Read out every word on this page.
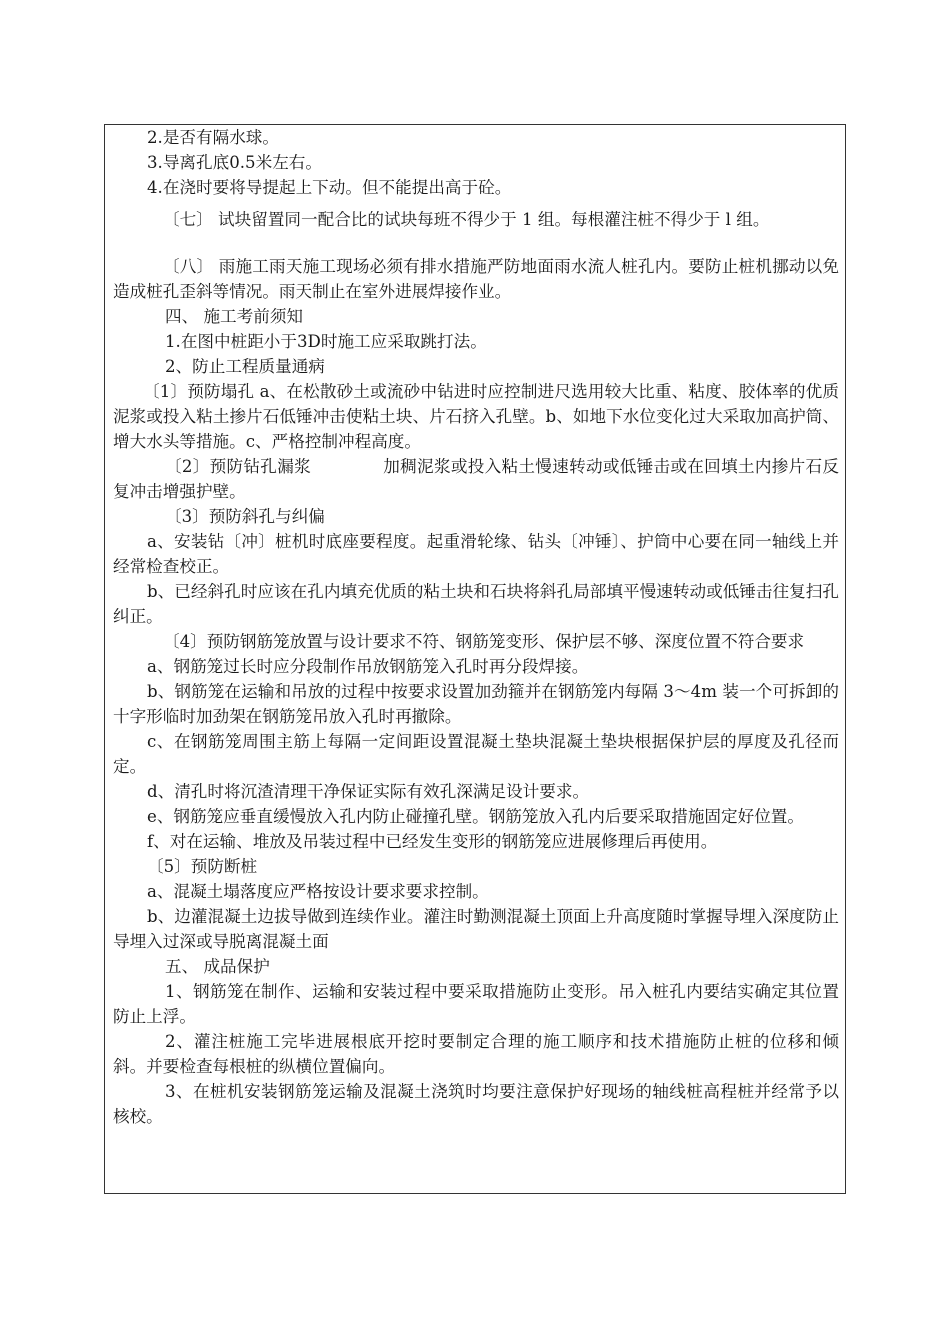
2.是否有隔水球。

3.导离孔底0.5米左右。

4.在浇时要将导提起上下动。但不能提出高于砼。

〔七〕 试块留置同一配合比的试块每班不得少于 1 组。每根灌注桩不得少于 l 组。

〔八〕 雨施工雨天施工现场必须有排水措施严防地面雨水流人桩孔内。要防止桩机挪动以免造成桩孔歪斜等情况。雨天制止在室外进展焊接作业。

四、 施工考前须知

1.在图中桩距小于3D时施工应采取跳打法。

2、防止工程质量通病

〔1〕预防塌孔 a、在松散砂土或流砂中钻进时应控制进尺选用较大比重、粘度、胶体率的优质泥浆或投入粘土掺片石低锤冲击使粘土块、片石挤入孔壁。b、如地下水位变化过大采取加高护筒、增大水头等措施。c、严格控制冲程高度。

〔2〕预防钻孔漏浆	加稠泥浆或投入粘土慢速转动或低锤击或在回填土内掺片石反复冲击增强护壁。

〔3〕预防斜孔与纠偏

a、安装钻〔冲〕桩机时底座要程度。起重滑轮缘、钻头〔冲锤〕、护筒中心要在同一轴线上并经常检查校正。

b、已经斜孔时应该在孔内填充优质的粘土块和石块将斜孔局部填平慢速转动或低锤击往复扫孔纠正。

〔4〕预防钢筋笼放置与设计要求不符、钢筋笼变形、保护层不够、深度位置不符合要求

a、钢筋笼过长时应分段制作吊放钢筋笼入孔时再分段焊接。

b、钢筋笼在运输和吊放的过程中按要求设置加劲箍并在钢筋笼内每隔 3～4m 装一个可拆卸的十字形临时加劲架在钢筋笼吊放入孔时再撤除。

c、在钢筋笼周围主筋上每隔一定间距设置混凝土垫块混凝土垫块根据保护层的厚度及孔径而定。

d、清孔时将沉渣清理干净保证实际有效孔深满足设计要求。

e、钢筋笼应垂直缓慢放入孔内防止碰撞孔壁。钢筋笼放入孔内后要采取措施固定好位置。

f、对在运输、堆放及吊装过程中已经发生变形的钢筋笼应进展修理后再使用。

〔5〕预防断桩

a、混凝土塌落度应严格按设计要求要求控制。

b、边灌混凝土边拔导做到连续作业。灌注时勤测混凝土顶面上升高度随时掌握导埋入深度防止导埋入过深或导脱离混凝土面

五、 成品保护

1、钢筋笼在制作、运输和安装过程中要采取措施防止变形。吊入桩孔内要结实确定其位置防止上浮。

2、灌注桩施工完毕进展根底开挖时要制定合理的施工顺序和技术措施防止桩的位移和倾斜。并要检查每根桩的纵横位置偏向。

3、在桩机安装钢筋笼运输及混凝土浇筑时均要注意保护好现场的轴线桩高程桩并经常予以核校。
